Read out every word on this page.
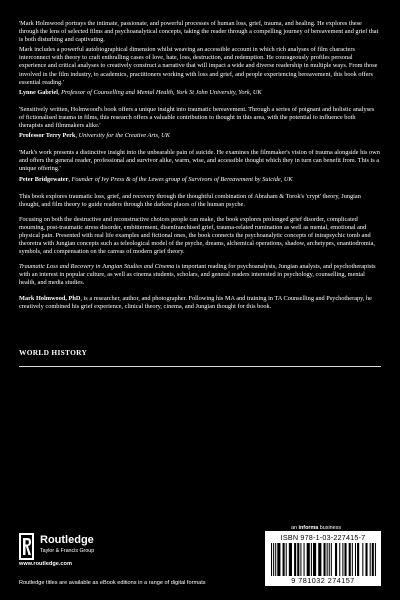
'Mark Holmwood portrays the intimate, passionate, and powerful processes of human loss, grief, trauma, and healing. He explores these through the lens of selected films and psychoanalytical concepts, taking the reader through a compelling journey of bereavement and grief that is both disturbing and captivating.

Mark includes a powerful autobiographical dimension whilst weaving an accessible account in which rich analyses of film characters interconnect with theory to craft enthralling cases of love, hate, loss, destruction, and redemption. He courageously profiles personal experience and critical analyses to creatively construct a narrative that will impact a wide and diverse readership in multiple ways. From those involved in the film industry, to academics, practitioners working with loss and grief, and people experiencing bereavement, this book offers essential reading.'

Lynne Gabriel, Professor of Counselling and Mental Health, York St John University, York, UK

'Sensitively written, Holmwood's book offers a unique insight into traumatic bereavement. Through a series of poignant and holistic analyses of fictionalised trauma in films, this research offers a valuable contribution to thought in this area, with the potential to influence both therapists and filmmakers alike.'

Professor Terry Perk, University for the Creative Arts, UK

'Mark's work presents a distinctive insight into the unbearable pain of suicide. He examines the filmmaker's vision of trauma alongside his own and offers the general reader, professional and survivor alike, warm, wise, and accessible thought which they in turn can benefit from. This is a unique offering.'

Peter Bridgewater, Founder of Ivy Press & of the Lewes group of Survivors of Bereavement by Suicide, UK

This book explores traumatic loss, grief, and recovery through the thoughtful combination of Abraham & Torok's 'crypt' theory, Jungian thought, and film theory to guide readers through the darkest places of the human psyche.

Focusing on both the destructive and reconstructive choices people can make, the book explores prolonged grief disorder, complicated mourning, post-traumatic stress disorder, embitterment, disenfranchised grief, trauma-related rumination as well as mental, emotional and physical pain. Presented with real life examples and fictional ones, the book connects the psychoanalytic concepts of intrapsychic tomb and theoretra with Jungian concepts such as teleological model of the psyche, dreams, alchemical operations, shadow, archetypes, enantiodromia, symbols, and compensation on the canvas of modern grief theory.

Traumatic Loss and Recovery in Jungian Studies and Cinema is important reading for psychoanalysts, Jungian analysts, and psychotherapists with an interest in popular culture, as well as cinema students, scholars, and general readers interested in psychology, counselling, mental health, and media studies.

Mark Holmwood, PhD, is a researcher, author, and photographer. Following his MA and training in TA Counselling and Psychotherapy, he creatively combined his grief experience, clinical theory, cinema, and Jungian thought for this book.

WORLD HISTORY
Routledge
Taylor & Francis Group
www.routledge.com
Routledge titles are available as eBook editions in a range of digital formats
an informa business
ISBN 978-1-03-227415-7
9 781032 274157
